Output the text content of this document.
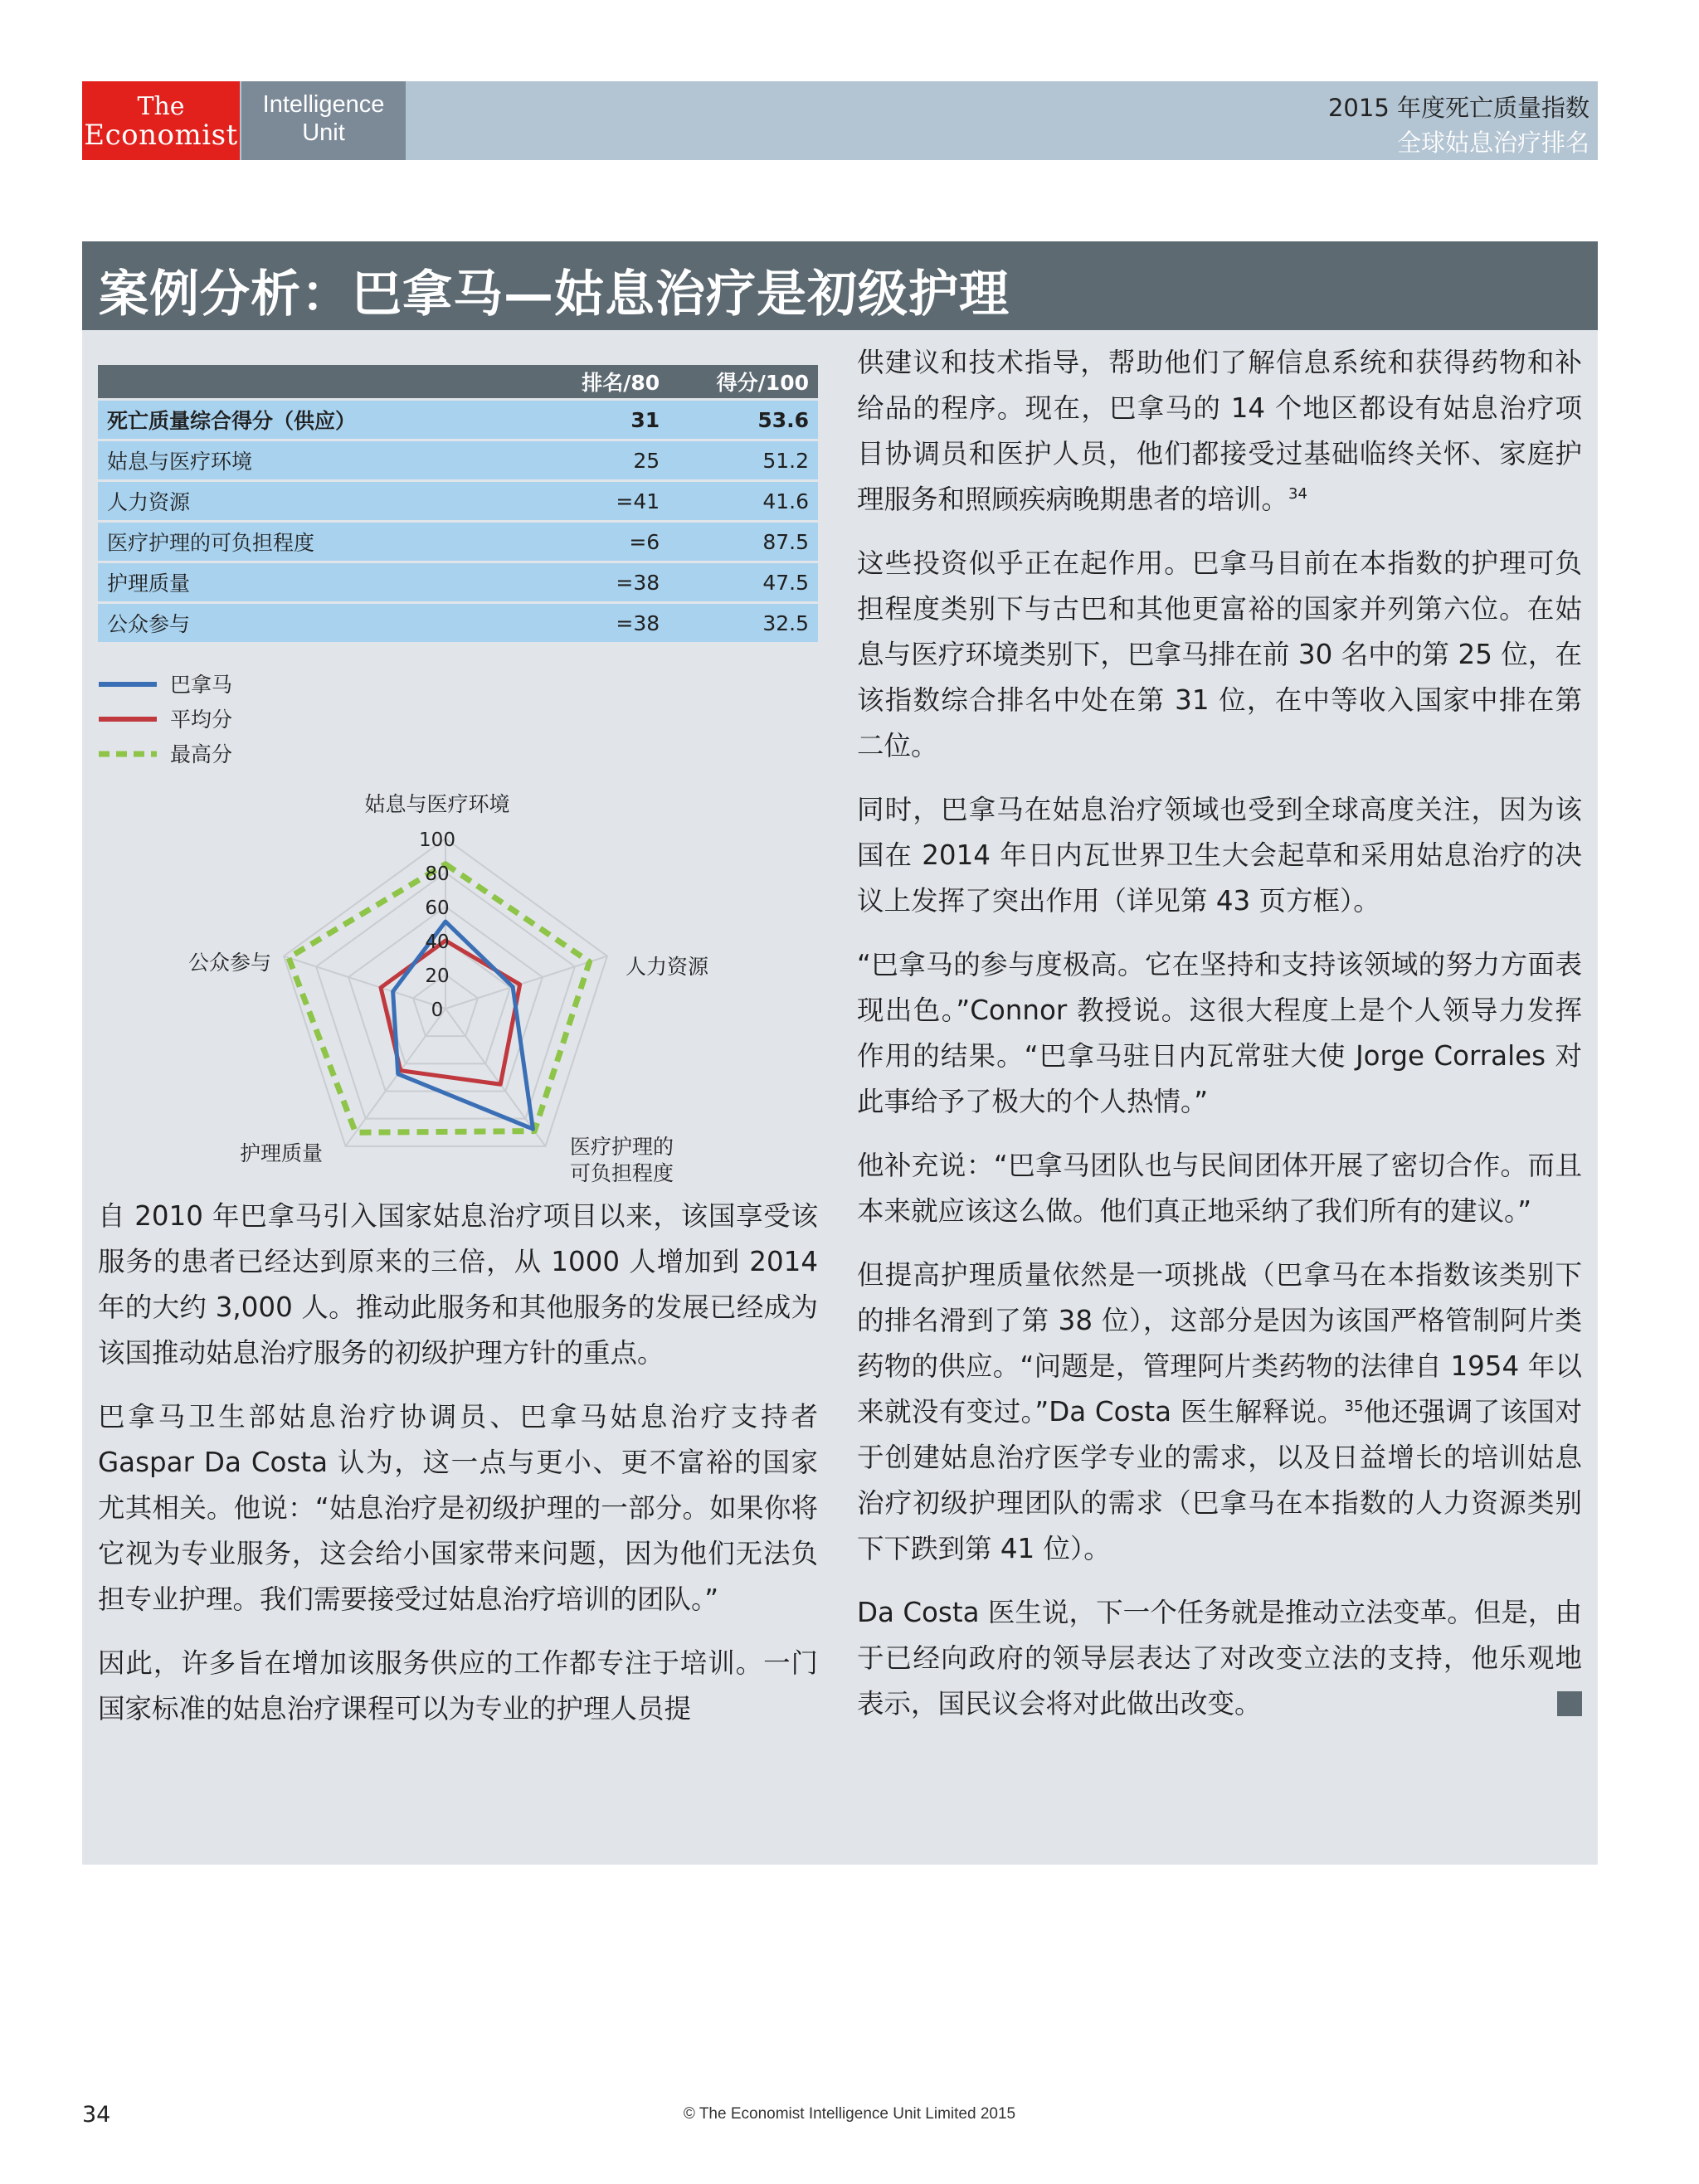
The
Economist
Intelligence
Unit
2015 年度死亡质量指数
全球姑息治疗排名
案例分析：巴拿马—姑息治疗是初级护理
	排名/80	得分/100
死亡质量综合得分（供应）	31	53.6
姑息与医疗环境	25	51.2
人力资源	=41	41.6
医疗护理的可负担程度	=6	87.5
护理质量	=38	47.5
公众参与	=38	32.5
0
20
40
60
80
100
姑息与医疗环境
人力资源
医疗护理的
可负担程度
护理质量
公众参与
巴拿马
平均分
最高分

自 2010 年巴拿马引入国家姑息治疗项目以来，该国享受该服务的患者已经达到原来的三倍，从 1000 人增加到 2014 年的大约 3,000 人。推动此服务和其他服务的发展已经成为该国推动姑息治疗服务的初级护理方针的重点。

巴拿马卫生部姑息治疗协调员、巴拿马姑息治疗支持者 Gaspar Da Costa 认为，这一点与更小、更不富裕的国家尤其相关。他说：“姑息治疗是初级护理的一部分。如果你将它视为专业服务，这会给小国家带来问题，因为他们无法负担专业护理。我们需要接受过姑息治疗培训的团队。”

因此，许多旨在增加该服务供应的工作都专注于培训。一门国家标准的姑息治疗课程可以为专业的护理人员提

供建议和技术指导，帮助他们了解信息系统和获得药物和补给品的程序。现在，巴拿马的 14 个地区都设有姑息治疗项目协调员和医护人员，他们都接受过基础临终关怀、家庭护理服务和照顾疾病晚期患者的培训。$^{34}$

这些投资似乎正在起作用。巴拿马目前在本指数的护理可负担程度类别下与古巴和其他更富裕的国家并列第六位。在姑息与医疗环境类别下，巴拿马排在前 30 名中的第 25 位，在该指数综合排名中处在第 31 位，在中等收入国家中排在第二位。

同时，巴拿马在姑息治疗领域也受到全球高度关注，因为该国在 2014 年日内瓦世界卫生大会起草和采用姑息治疗的决议上发挥了突出作用（详见第 43 页方框）。

“巴拿马的参与度极高。它在坚持和支持该领域的努力方面表现出色。”Connor 教授说。这很大程度上是个人领导力发挥作用的结果。“巴拿马驻日内瓦常驻大使 Jorge Corrales 对此事给予了极大的个人热情。”

他补充说：“巴拿马团队也与民间团体开展了密切合作。而且本来就应该这么做。他们真正地采纳了我们所有的建议。”

但提高护理质量依然是一项挑战（巴拿马在本指数该类别下的排名滑到了第 38 位），这部分是因为该国严格管制阿片类药物的供应。“问题是，管理阿片类药物的法律自 1954 年以来就没有变过。”Da Costa 医生解释说。$^{35}$他还强调了该国对于创建姑息治疗医学专业的需求，以及日益增长的培训姑息治疗初级护理团队的需求（巴拿马在本指数的人力资源类别下下跌到第 41 位）。

Da Costa 医生说，下一个任务就是推动立法变革。但是，由于已经向政府的领导层表达了对改变立法的支持，他乐观地表示，国民议会将对此做出改变。

34	© The Economist Intelligence Unit Limited 2015
